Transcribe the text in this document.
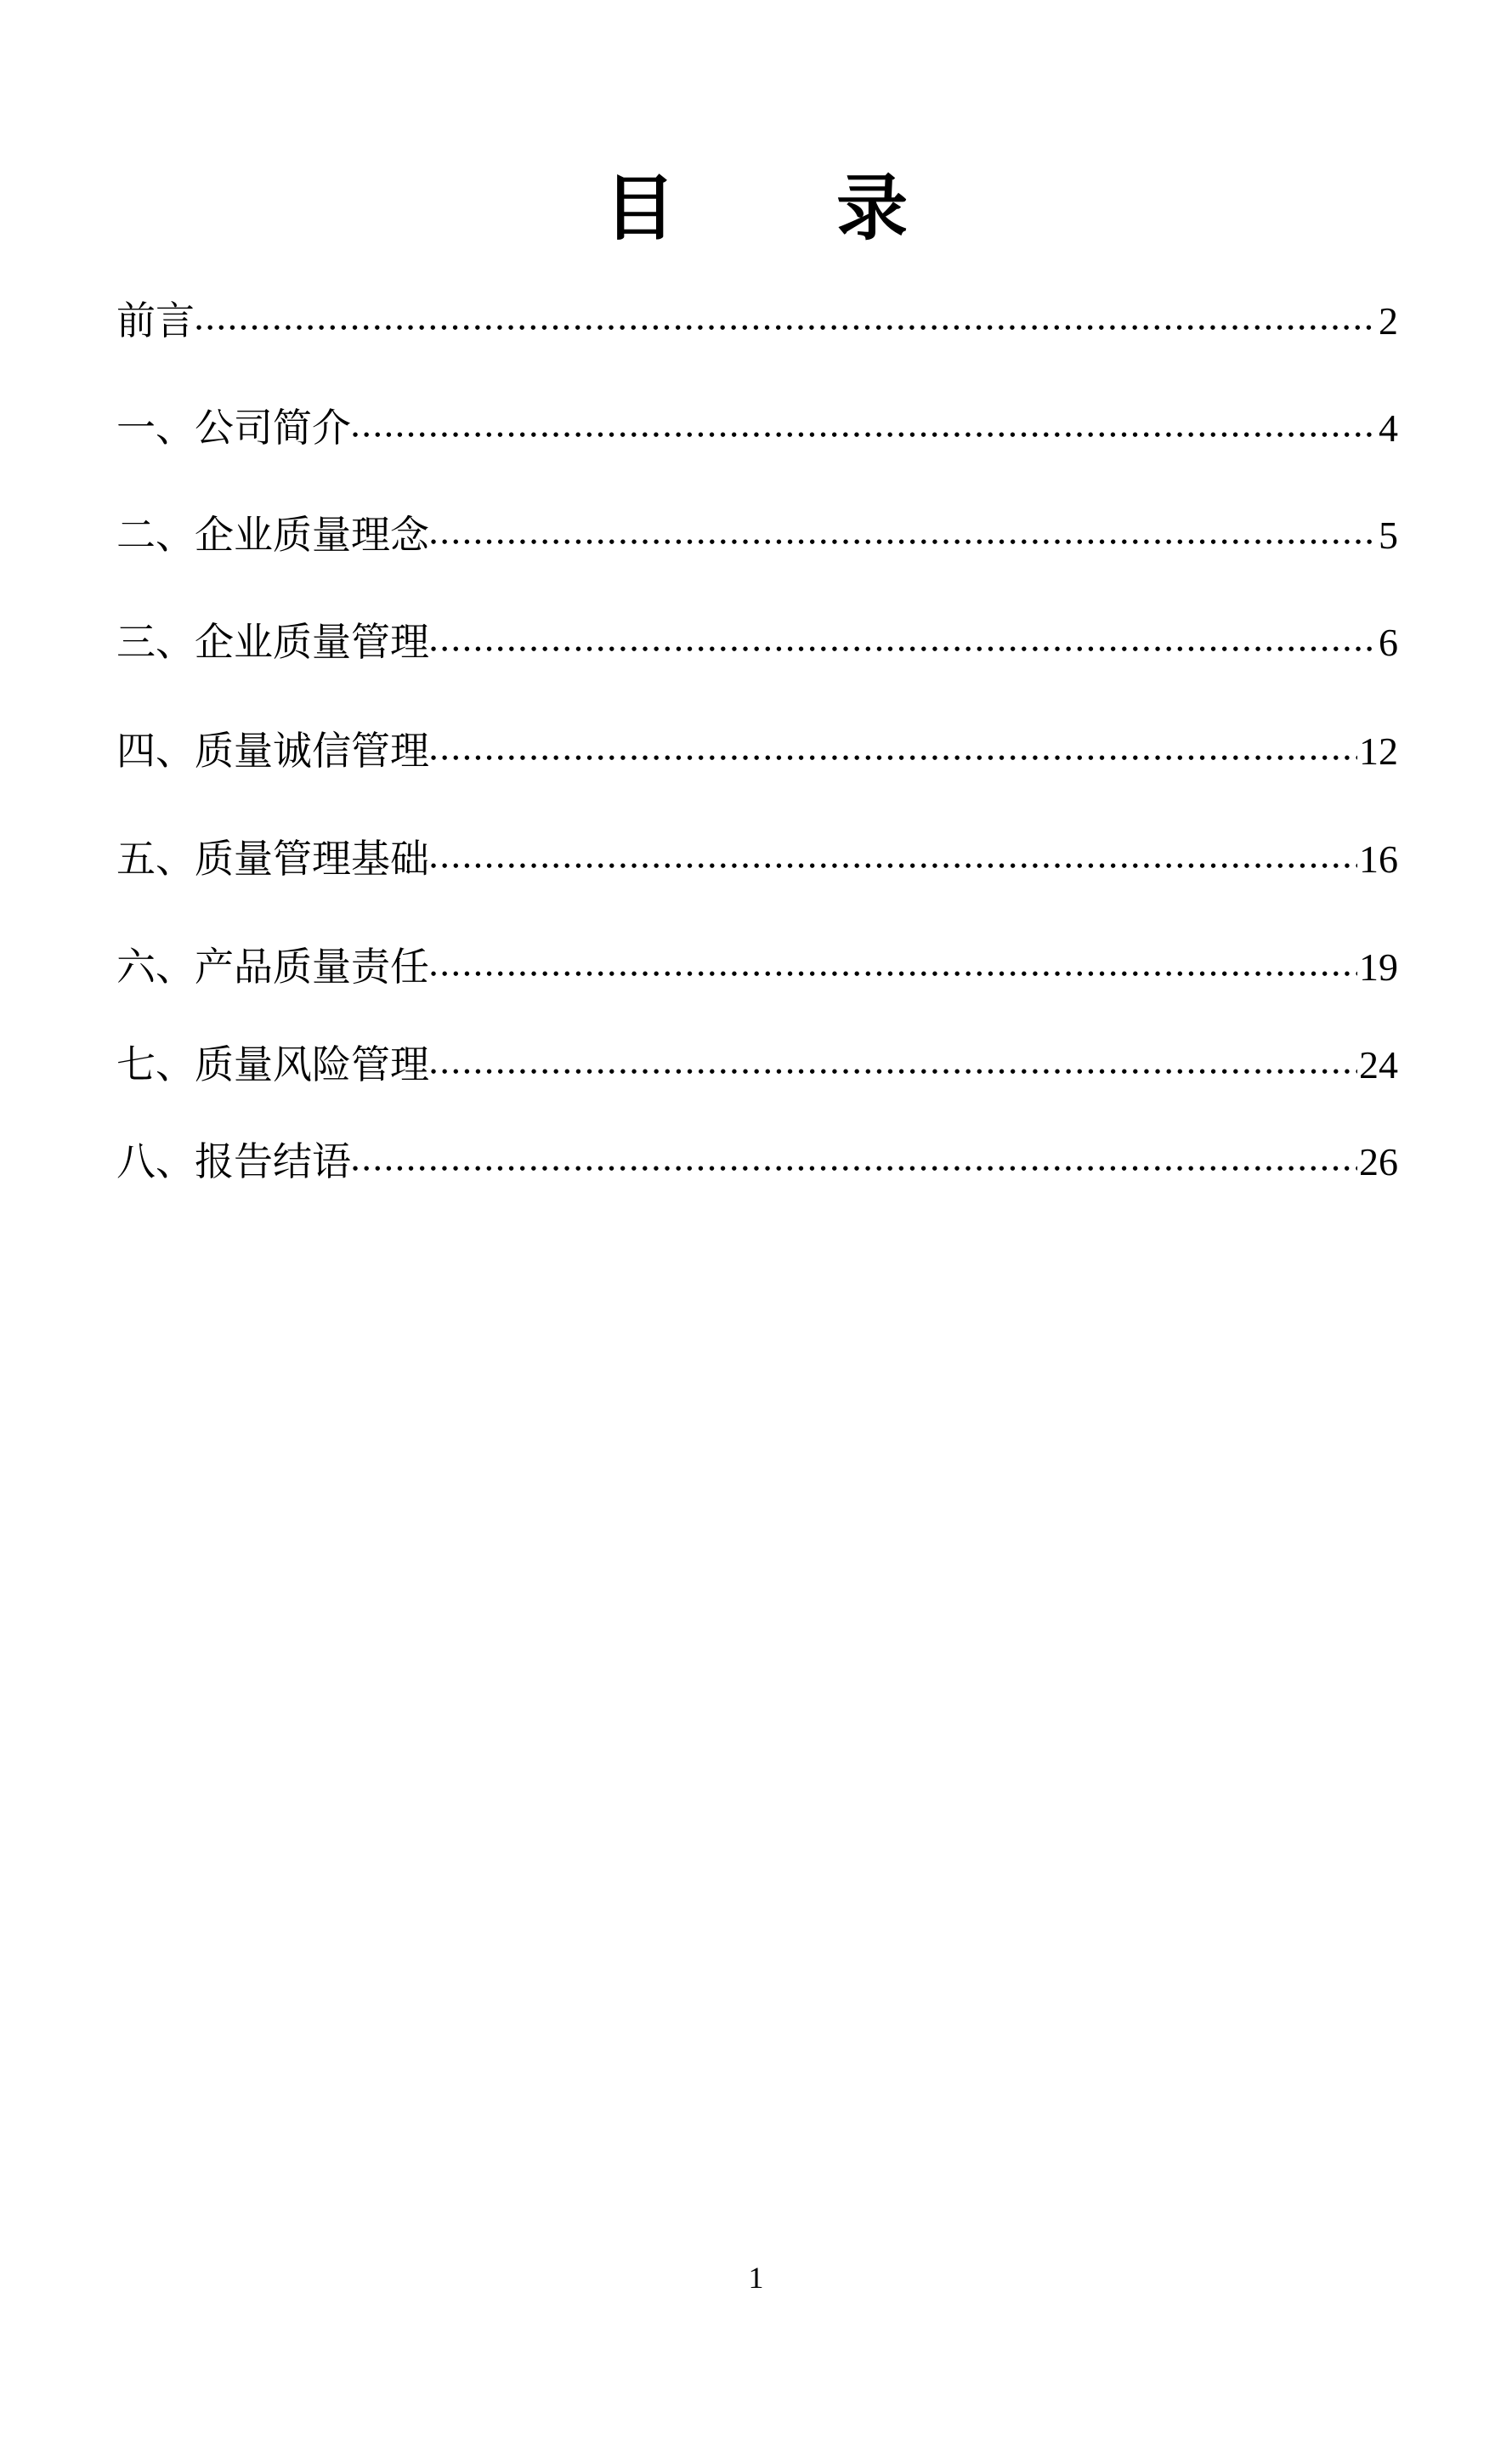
目 录
前言 ●●●●●●●●●●●●●●●●●●●●●●●●●●●●●●●●●●●●●●●●●●●●●●●●●●●●●●●●●●●●●●●●●●●●●●●●●●●●●●●●●●●●●●●●●●●●●●●●●●●●●●●●●●●●●●●●●●●●●●●●●●●●●●●	2
一、公司简介 ●●●●●●●●●●●●●●●●●●●●●●●●●●●●●●●●●●●●●●●●●●●●●●●●●●●●●●●●●●●●●●●●●●●●●●●●●●●●●●●●●●●●●●●●●●●●●●●●●●●●●●●●●●●●●●●●●●●●●●●●●●●●●●●	4
二、企业质量理念 ●●●●●●●●●●●●●●●●●●●●●●●●●●●●●●●●●●●●●●●●●●●●●●●●●●●●●●●●●●●●●●●●●●●●●●●●●●●●●●●●●●●●●●●●●●●●●●●●●●●●●●●●●●●●●●●●●●●●●●●●●●●●●●●	5
三、企业质量管理 ●●●●●●●●●●●●●●●●●●●●●●●●●●●●●●●●●●●●●●●●●●●●●●●●●●●●●●●●●●●●●●●●●●●●●●●●●●●●●●●●●●●●●●●●●●●●●●●●●●●●●●●●●●●●●●●●●●●●●●●●●●●●●●●	6
四、质量诚信管理 ●●●●●●●●●●●●●●●●●●●●●●●●●●●●●●●●●●●●●●●●●●●●●●●●●●●●●●●●●●●●●●●●●●●●●●●●●●●●●●●●●●●●●●●●●●●●●●●●●●●●●●●●●●●●●●●●●●●●●●●●●●●●●●●	12
五、质量管理基础 ●●●●●●●●●●●●●●●●●●●●●●●●●●●●●●●●●●●●●●●●●●●●●●●●●●●●●●●●●●●●●●●●●●●●●●●●●●●●●●●●●●●●●●●●●●●●●●●●●●●●●●●●●●●●●●●●●●●●●●●●●●●●●●●	16
六、产品质量责任 ●●●●●●●●●●●●●●●●●●●●●●●●●●●●●●●●●●●●●●●●●●●●●●●●●●●●●●●●●●●●●●●●●●●●●●●●●●●●●●●●●●●●●●●●●●●●●●●●●●●●●●●●●●●●●●●●●●●●●●●●●●●●●●●	19
七、质量风险管理 ●●●●●●●●●●●●●●●●●●●●●●●●●●●●●●●●●●●●●●●●●●●●●●●●●●●●●●●●●●●●●●●●●●●●●●●●●●●●●●●●●●●●●●●●●●●●●●●●●●●●●●●●●●●●●●●●●●●●●●●●●●●●●●●	24
八、报告结语 ●●●●●●●●●●●●●●●●●●●●●●●●●●●●●●●●●●●●●●●●●●●●●●●●●●●●●●●●●●●●●●●●●●●●●●●●●●●●●●●●●●●●●●●●●●●●●●●●●●●●●●●●●●●●●●●●●●●●●●●●●●●●●●●	26
1
